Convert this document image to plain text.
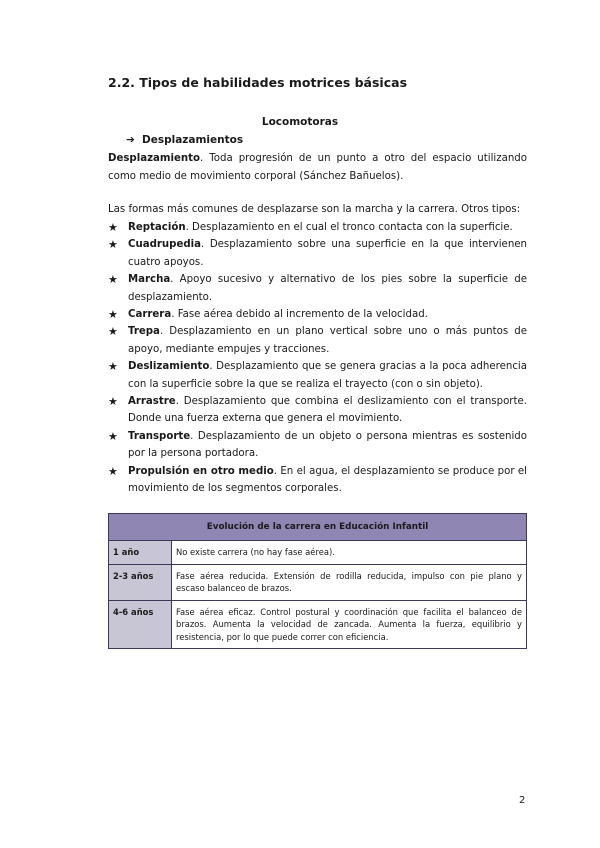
2.2. Tipos de habilidades motrices básicas
Locomotoras
➔ Desplazamientos
Desplazamiento. Toda progresión de un punto a otro del espacio utilizando como medio de movimiento corporal (Sánchez Bañuelos).
Las formas más comunes de desplazarse son la marcha y la carrera. Otros tipos:
★ Reptación. Desplazamiento en el cual el tronco contacta con la superficie.
★ Cuadrupedia. Desplazamiento sobre una superficie en la que intervienen cuatro apoyos.
★ Marcha. Apoyo sucesivo y alternativo de los pies sobre la superficie de desplazamiento.
★ Carrera. Fase aérea debido al incremento de la velocidad.
★ Trepa. Desplazamiento en un plano vertical sobre uno o más puntos de apoyo, mediante empujes y tracciones.
★ Deslizamiento. Desplazamiento que se genera gracias a la poca adherencia con la superficie sobre la que se realiza el trayecto (con o sin objeto).
★ Arrastre. Desplazamiento que combina el deslizamiento con el transporte. Donde una fuerza externa que genera el movimiento.
★ Transporte. Desplazamiento de un objeto o persona mientras es sostenido por la persona portadora.
★ Propulsión en otro medio. En el agua, el desplazamiento se produce por el movimiento de los segmentos corporales.
Evolución de la carrera en Educación Infantil	
1 año	No existe carrera (no hay fase aérea).
2-3 años	Fase aérea reducida. Extensión de rodilla reducida, impulso con pie plano y escaso balanceo de brazos.
4-6 años	Fase aérea eficaz. Control postural y coordinación que facilita el balanceo de brazos. Aumenta la velocidad de zancada. Aumenta la fuerza, equilibrio y resistencia, por lo que puede correr con eficiencia.
2
